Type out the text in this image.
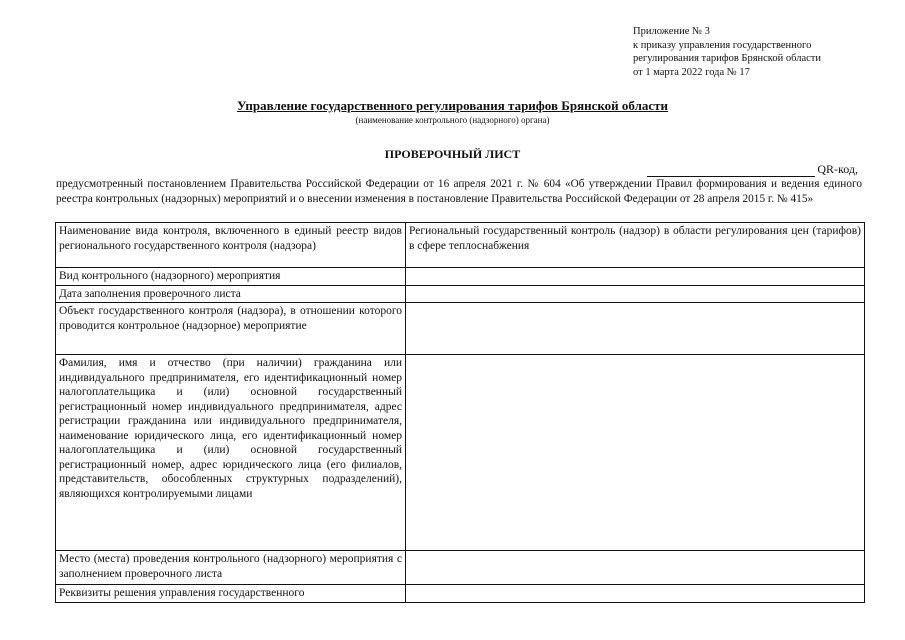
Приложение № 3
к приказу управления государственного
регулирования тарифов Брянской области
от 1 марта 2022 года № 17
Управление государственного регулирования тарифов Брянской области
(наименование контрольного (надзорного) органа)
ПРОВЕРОЧНЫЙ ЛИСТ
QR-код,
предусмотренный постановлением Правительства Российской Федерации от 16 апреля 2021 г. № 604 «Об утверждении Правил формирования и ведения единого реестра контрольных (надзорных) мероприятий и о внесении изменения в постановление Правительства Российской Федерации от 28 апреля 2015 г. № 415»
Наименование вида контроля, включенного в единый реестр видов регионального государственного контроля (надзора)	Региональный государственный контроль (надзор) в области регулирования цен (тарифов) в сфере теплоснабжения
Вид контрольного (надзорного) мероприятия	
Дата заполнения проверочного листа	
Объект государственного контроля (надзора), в отношении которого проводится контрольное (надзорное) мероприятие	
Фамилия, имя и отчество (при наличии) гражданина или индивидуального предпринимателя, его идентификационный номер налогоплательщика и (или) основной государственный регистрационный номер индивидуального предпринимателя, адрес регистрации гражданина или индивидуального предпринимателя, наименование юридического лица, его идентификационный номер налогоплательщика и (или) основной государственный регистрационный номер, адрес юридического лица (его филиалов, представительств, обособленных структурных подразделений), являющихся контролируемыми лицами	
Место (места) проведения контрольного (надзорного) мероприятия с заполнением проверочного листа	
Реквизиты решения управления государственного	
